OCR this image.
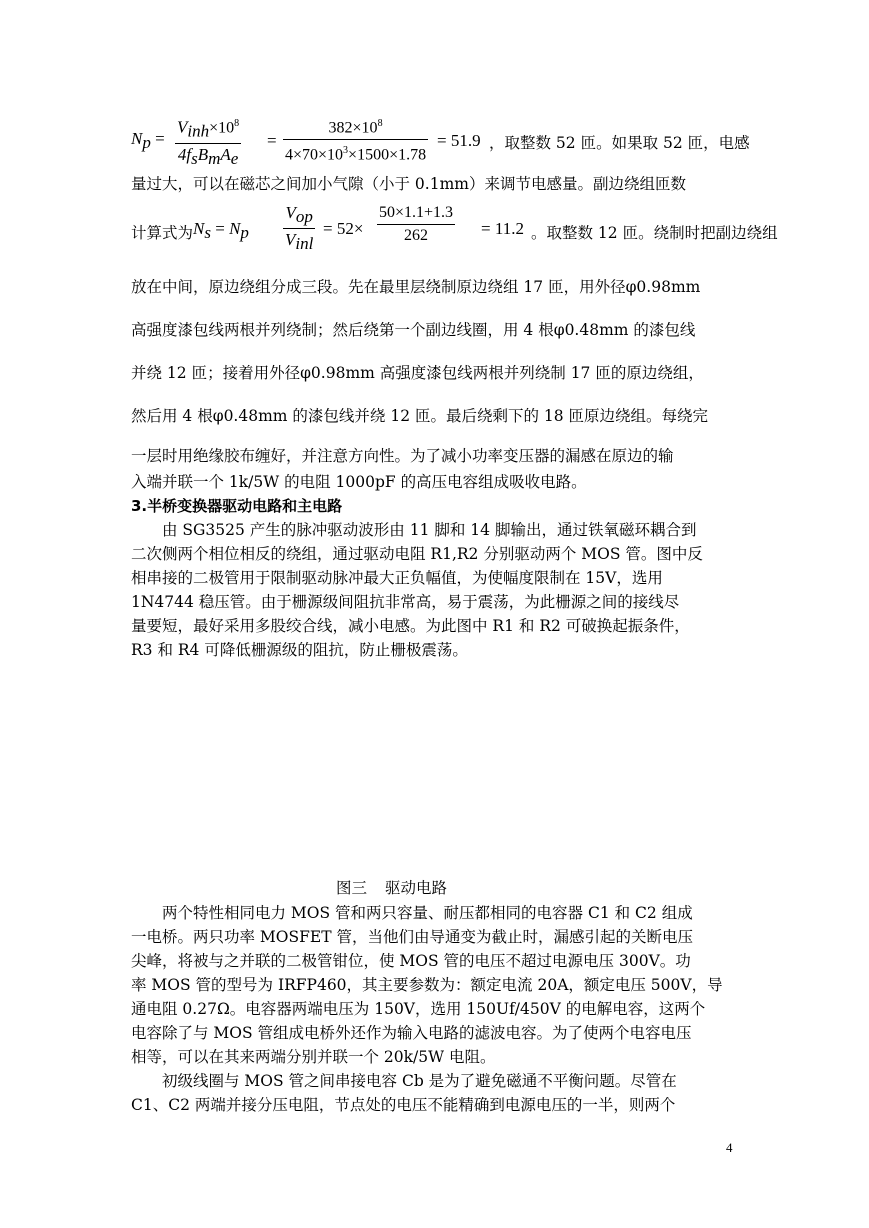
$N_p$ =
$V_{inh}\times 10^8$
$4f_sB_mA_e$
= $\frac{382\times 10^8}{4\times 70\times 10^3\times 1500\times 1.78} = 51.9$ ，取整数 52 匝。如果取 52 匝，电感
量过大，可以在磁芯之间加小气隙（小于 0.1mm）来调节电感量。副边绕组匝数
计算式为 $N_s = N_p$
$V_{op}$
$V_{inl}$
= $52\times \frac{50\times 1.1+1.3}{262} = 11.2$ 。取整数 12 匝。绕制时把副边绕组
放在中间，原边绕组分成三段。先在最里层绕制原边绕组 17 匝，用外径φ0.98mm
高强度漆包线两根并列绕制；然后绕第一个副边线圈，用 4 根φ0.48mm 的漆包线
并绕 12 匝；接着用外径φ0.98mm 高强度漆包线两根并列绕制 17 匝的原边绕组，
然后用 4 根φ0.48mm 的漆包线并绕 12 匝。最后绕剩下的 18 匝原边绕组。每绕完
一层时用绝缘胶布缠好，并注意方向性。为了减小功率变压器的漏感在原边的输
入端并联一个 1k/5W 的电阻 1000pF 的高压电容组成吸收电路。
3.半桥变换器驱动电路和主电路
由 SG3525 产生的脉冲驱动波形由 11 脚和 14 脚输出，通过铁氧磁环耦合到
二次侧两个相位相反的绕组，通过驱动电阻 R1,R2 分别驱动两个 MOS 管。图中反
相串接的二极管用于限制驱动脉冲最大正负幅值，为使幅度限制在 15V，选用
1N4744 稳压管。由于栅源级间阻抗非常高，易于震荡，为此栅源之间的接线尽
量要短，最好采用多股绞合线，减小电感。为此图中 R1 和 R2 可破换起振条件，
R3 和 R4 可降低栅源级的阻抗，防止栅极震荡。
图三 驱动电路
两个特性相同电力 MOS 管和两只容量、耐压都相同的电容器 C1 和 C2 组成
一电桥。两只功率 MOSFET 管，当他们由导通变为截止时，漏感引起的关断电压
尖峰，将被与之并联的二极管钳位，使 MOS 管的电压不超过电源电压 300V。功
率 MOS 管的型号为 IRFP460，其主要参数为：额定电流 20A，额定电压 500V，导
通电阻 0.27Ω。电容器两端电压为 150V，选用 150Uf/450V 的电解电容，这两个
电容除了与 MOS 管组成电桥外还作为输入电路的滤波电容。为了使两个电容电压
相等，可以在其来两端分别并联一个 20k/5W 电阻。
初级线圈与 MOS 管之间串接电容 Cb 是为了避免磁通不平衡问题。尽管在
C1、C2 两端并接分压电阻，节点处的电压不能精确到电源电压的一半，则两个
4
